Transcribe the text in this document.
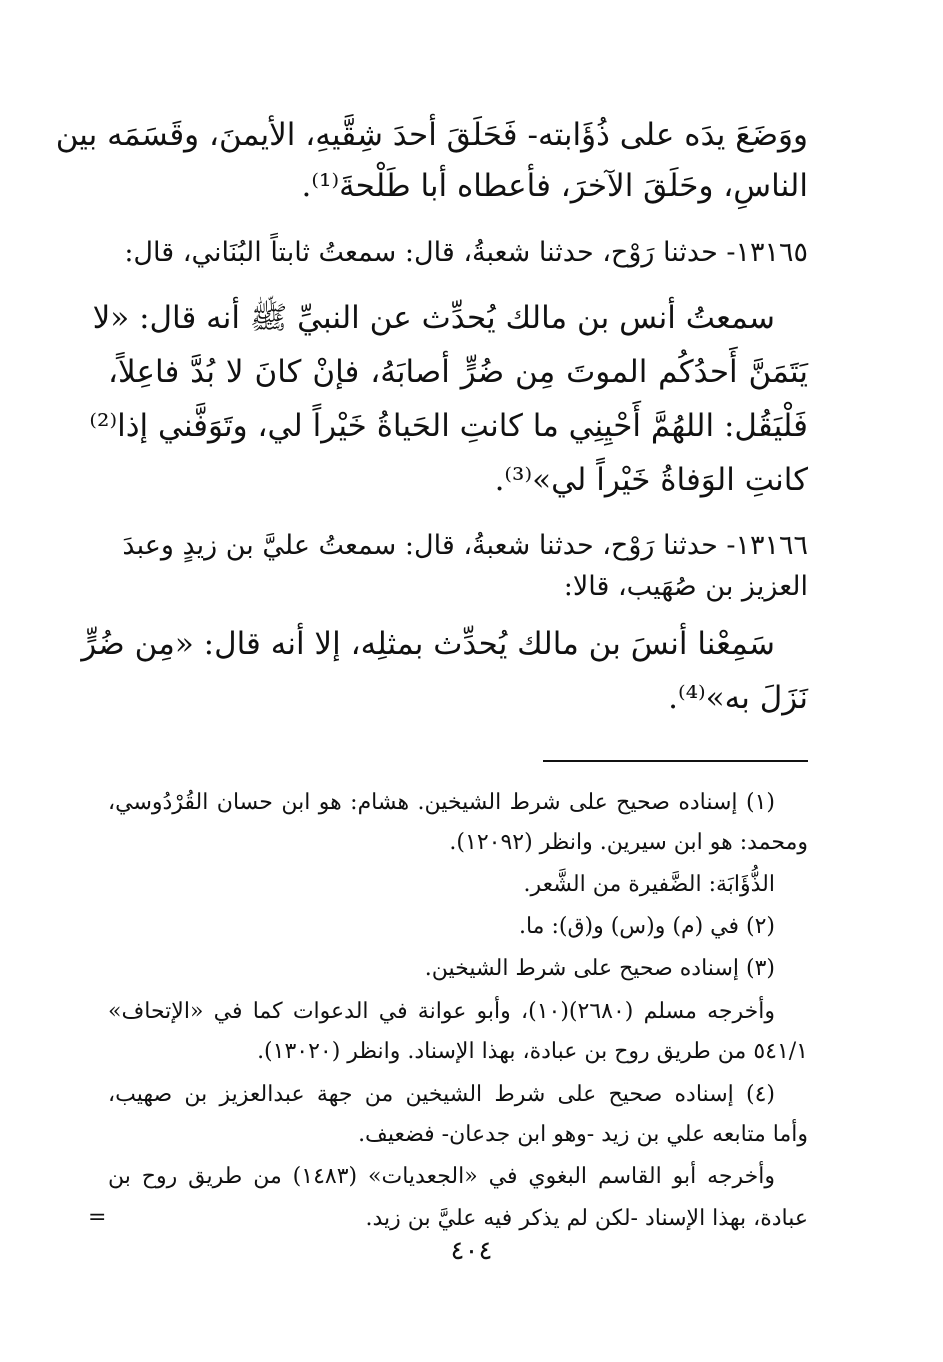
ووَضَعَ يدَه على ذُؤَابته- فَحَلَقَ أحدَ شِقَّيهِ، الأيمنَ، وقَسَمَه بين
الناسِ، وحَلَقَ الآخرَ، فأعطاه أبا طَلْحةَ⁽¹⁾.
١٣١٦٥- حدثنا رَوْح، حدثنا شعبةُ، قال: سمعتُ ثابتاً البُنَاني، قال:
سمعتُ أنس بن مالك يُحدِّث عن النبيِّ ﷺ أنه قال: «لا
يَتَمَنَّ أَحدُكُم الموتَ مِن ضُرٍّ أصابَهُ، فإنْ كانَ لا بُدَّ فاعِلاً،
فَلْيَقُل: اللهُمَّ أَحْيِنِي ما كانتِ الحَياةُ خَيْراً لي، وتَوَفَّني إذا⁽²⁾
كانتِ الوَفاةُ خَيْراً لي»⁽³⁾.
١٣١٦٦- حدثنا رَوْح، حدثنا شعبةُ، قال: سمعتُ عليَّ بن زيدٍ وعبدَ
العزيز بن صُهَيب، قالا:
سَمِعْنا أنسَ بن مالك يُحدِّث بمثلِه، إلا أنه قال: «مِن ضُرٍّ
نَزَلَ به»⁽⁴⁾.
(١) إسناده صحيح على شرط الشيخين. هشام: هو ابن حسان القُرْدُوسي،
ومحمد: هو ابن سيرين. وانظر (١٢٠٩٢).
الذُّؤَابَة: الضَّفيرة من الشَّعر.
(٢) في (م) و(س) و(ق): ما.
(٣) إسناده صحيح على شرط الشيخين.
وأخرجه مسلم (٢٦٨٠)(١٠)، وأبو عوانة في الدعوات كما في «الإتحاف»
٥٤١/١ من طريق روح بن عبادة، بهذا الإسناد. وانظر (١٣٠٢٠).
(٤) إسناده صحيح على شرط الشيخين من جهة عبدالعزيز بن صهيب،
وأما متابعه علي بن زيد -وهو ابن جدعان- فضعيف.
وأخرجه أبو القاسم البغوي في «الجعديات» (١٤٨٣) من طريق روح بن
عبادة، بهذا الإسناد -لكن لم يذكر فيه عليَّ بن زيد.
=
٤٠٤
